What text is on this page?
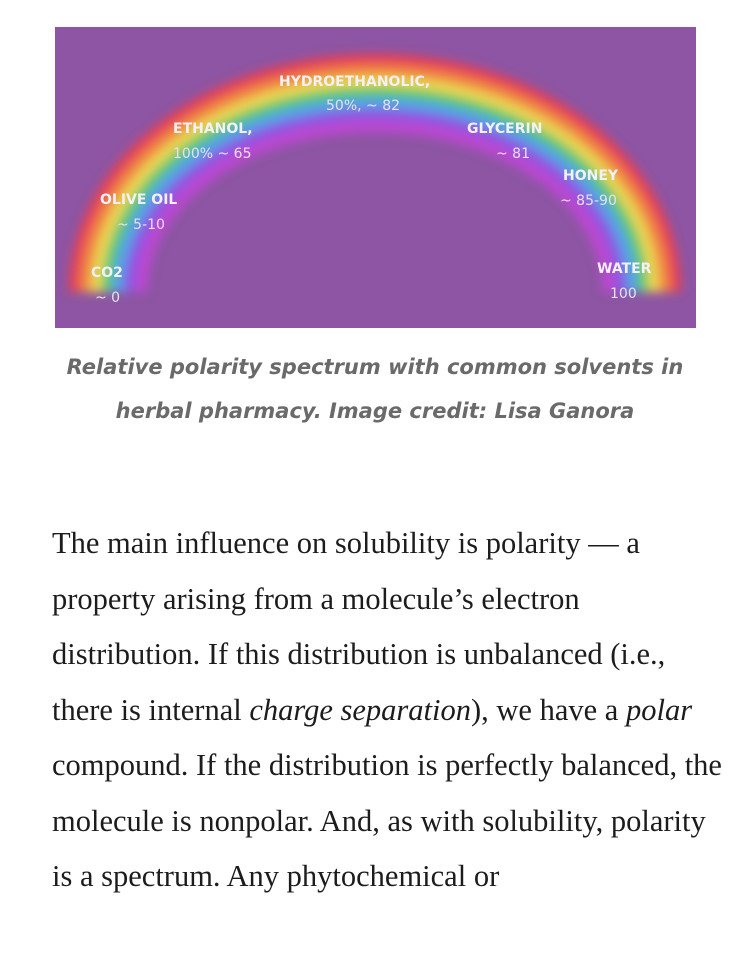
CO2
~ 0
OLIVE OIL
~ 5-10
ETHANOL,
100% ~ 65
HYDROETHANOLIC,
50%, ~ 82
GLYCERIN
~ 81
HONEY
~ 85-90
WATER
100

Relative polarity spectrum with common solvents in herbal pharmacy. Image credit: Lisa Ganora

The main influence on solubility is polarity — a property arising from a molecule’s electron distribution. If this distribution is unbalanced (i.e., there is internal charge separation), we have a polar compound. If the distribution is perfectly balanced, the molecule is nonpolar. And, as with solubility, polarity is a spectrum. Any phytochemical or
